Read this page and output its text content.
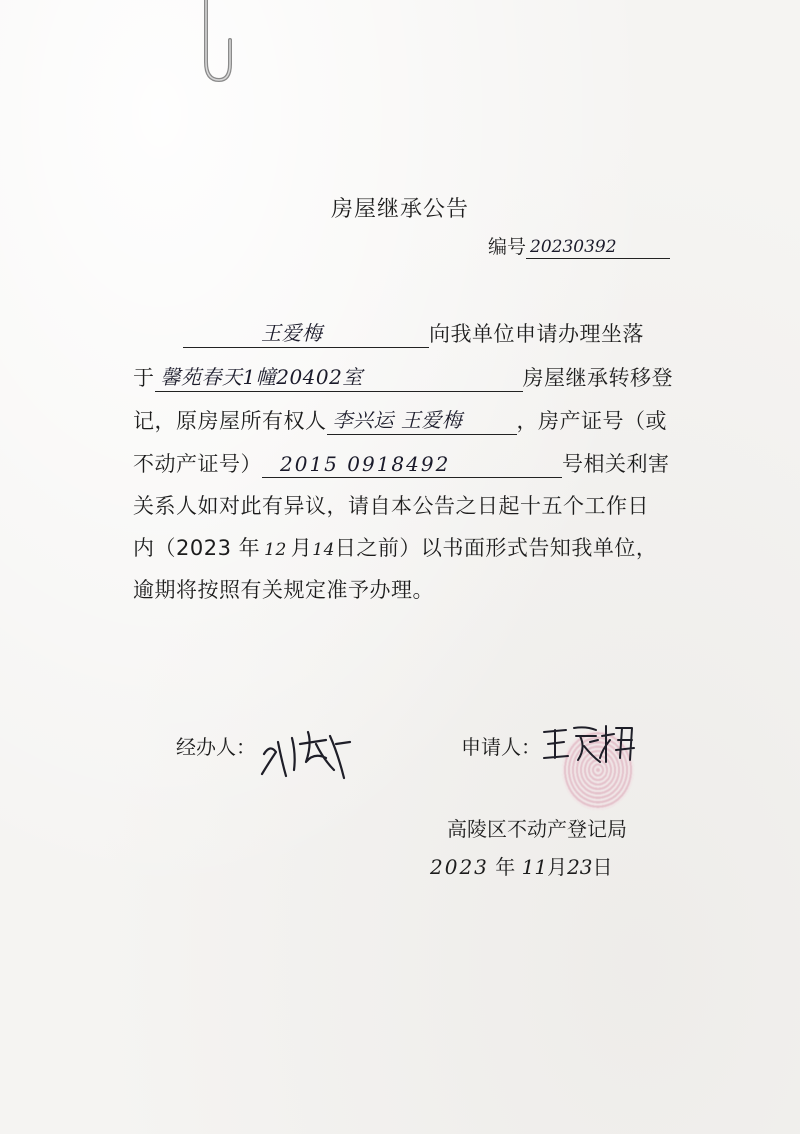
房屋继承公告
编号 20230392
王爱梅	向我单位申请办理坐落
于 馨苑春天1幢20402室	房屋继承转移登
记，原房屋所有权人 李兴运 王爱梅	，房产证号（或
不动产证号） 2015 0918492	号相关利害
关系人如对此有异议，请自本公告之日起十五个工作日
内（2023 年 12 月14日之前）以书面形式告知我单位，
逾期将按照有关规定准予办理。
经办人：	申请人：
高陵区不动产登记局
2023 年 11月23日
